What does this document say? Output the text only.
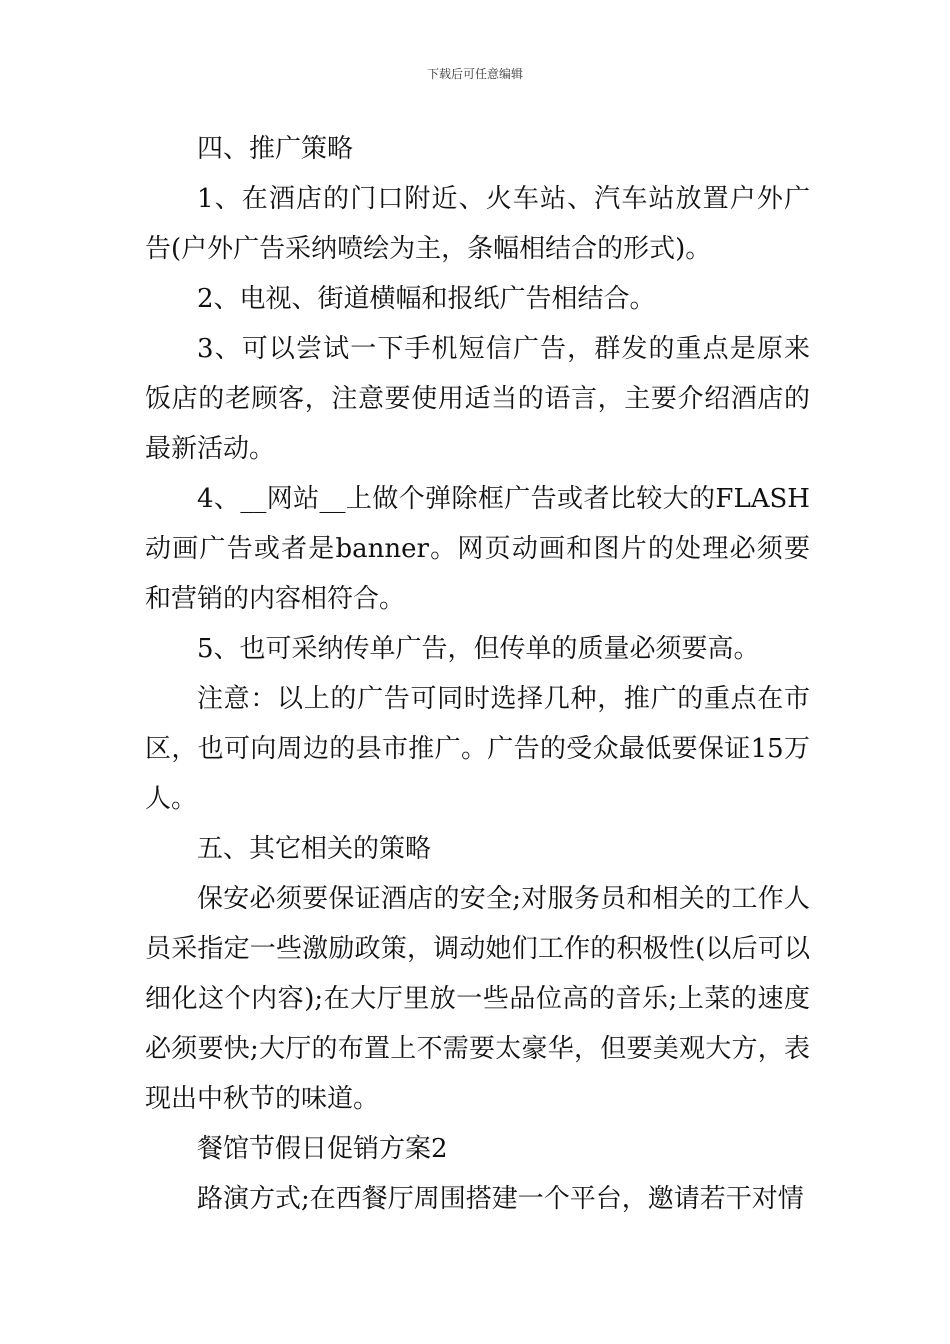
下载后可任意编辑

四、推广策略

1、在酒店的门口附近、火车站、汽车站放置户外广告(户外广告采纳喷绘为主，条幅相结合的形式)。

2、电视、街道横幅和报纸广告相结合。

3、可以尝试一下手机短信广告，群发的重点是原来饭店的老顾客，注意要使用适当的语言，主要介绍酒店的最新活动。

4、__网站__上做个弹除框广告或者比较大的FLASH动画广告或者是banner。网页动画和图片的处理必须要和营销的内容相符合。

5、也可采纳传单广告，但传单的质量必须要高。

注意：以上的广告可同时选择几种，推广的重点在市区，也可向周边的县市推广。广告的受众最低要保证15万人。

五、其它相关的策略

保安必须要保证酒店的安全;对服务员和相关的工作人员采指定一些激励政策，调动她们工作的积极性(以后可以细化这个内容);在大厅里放一些品位高的音乐;上菜的速度必须要快;大厅的布置上不需要太豪华，但要美观大方，表现出中秋节的味道。

餐馆节假日促销方案2

路演方式;在西餐厅周围搭建一个平台，邀请若干对情
